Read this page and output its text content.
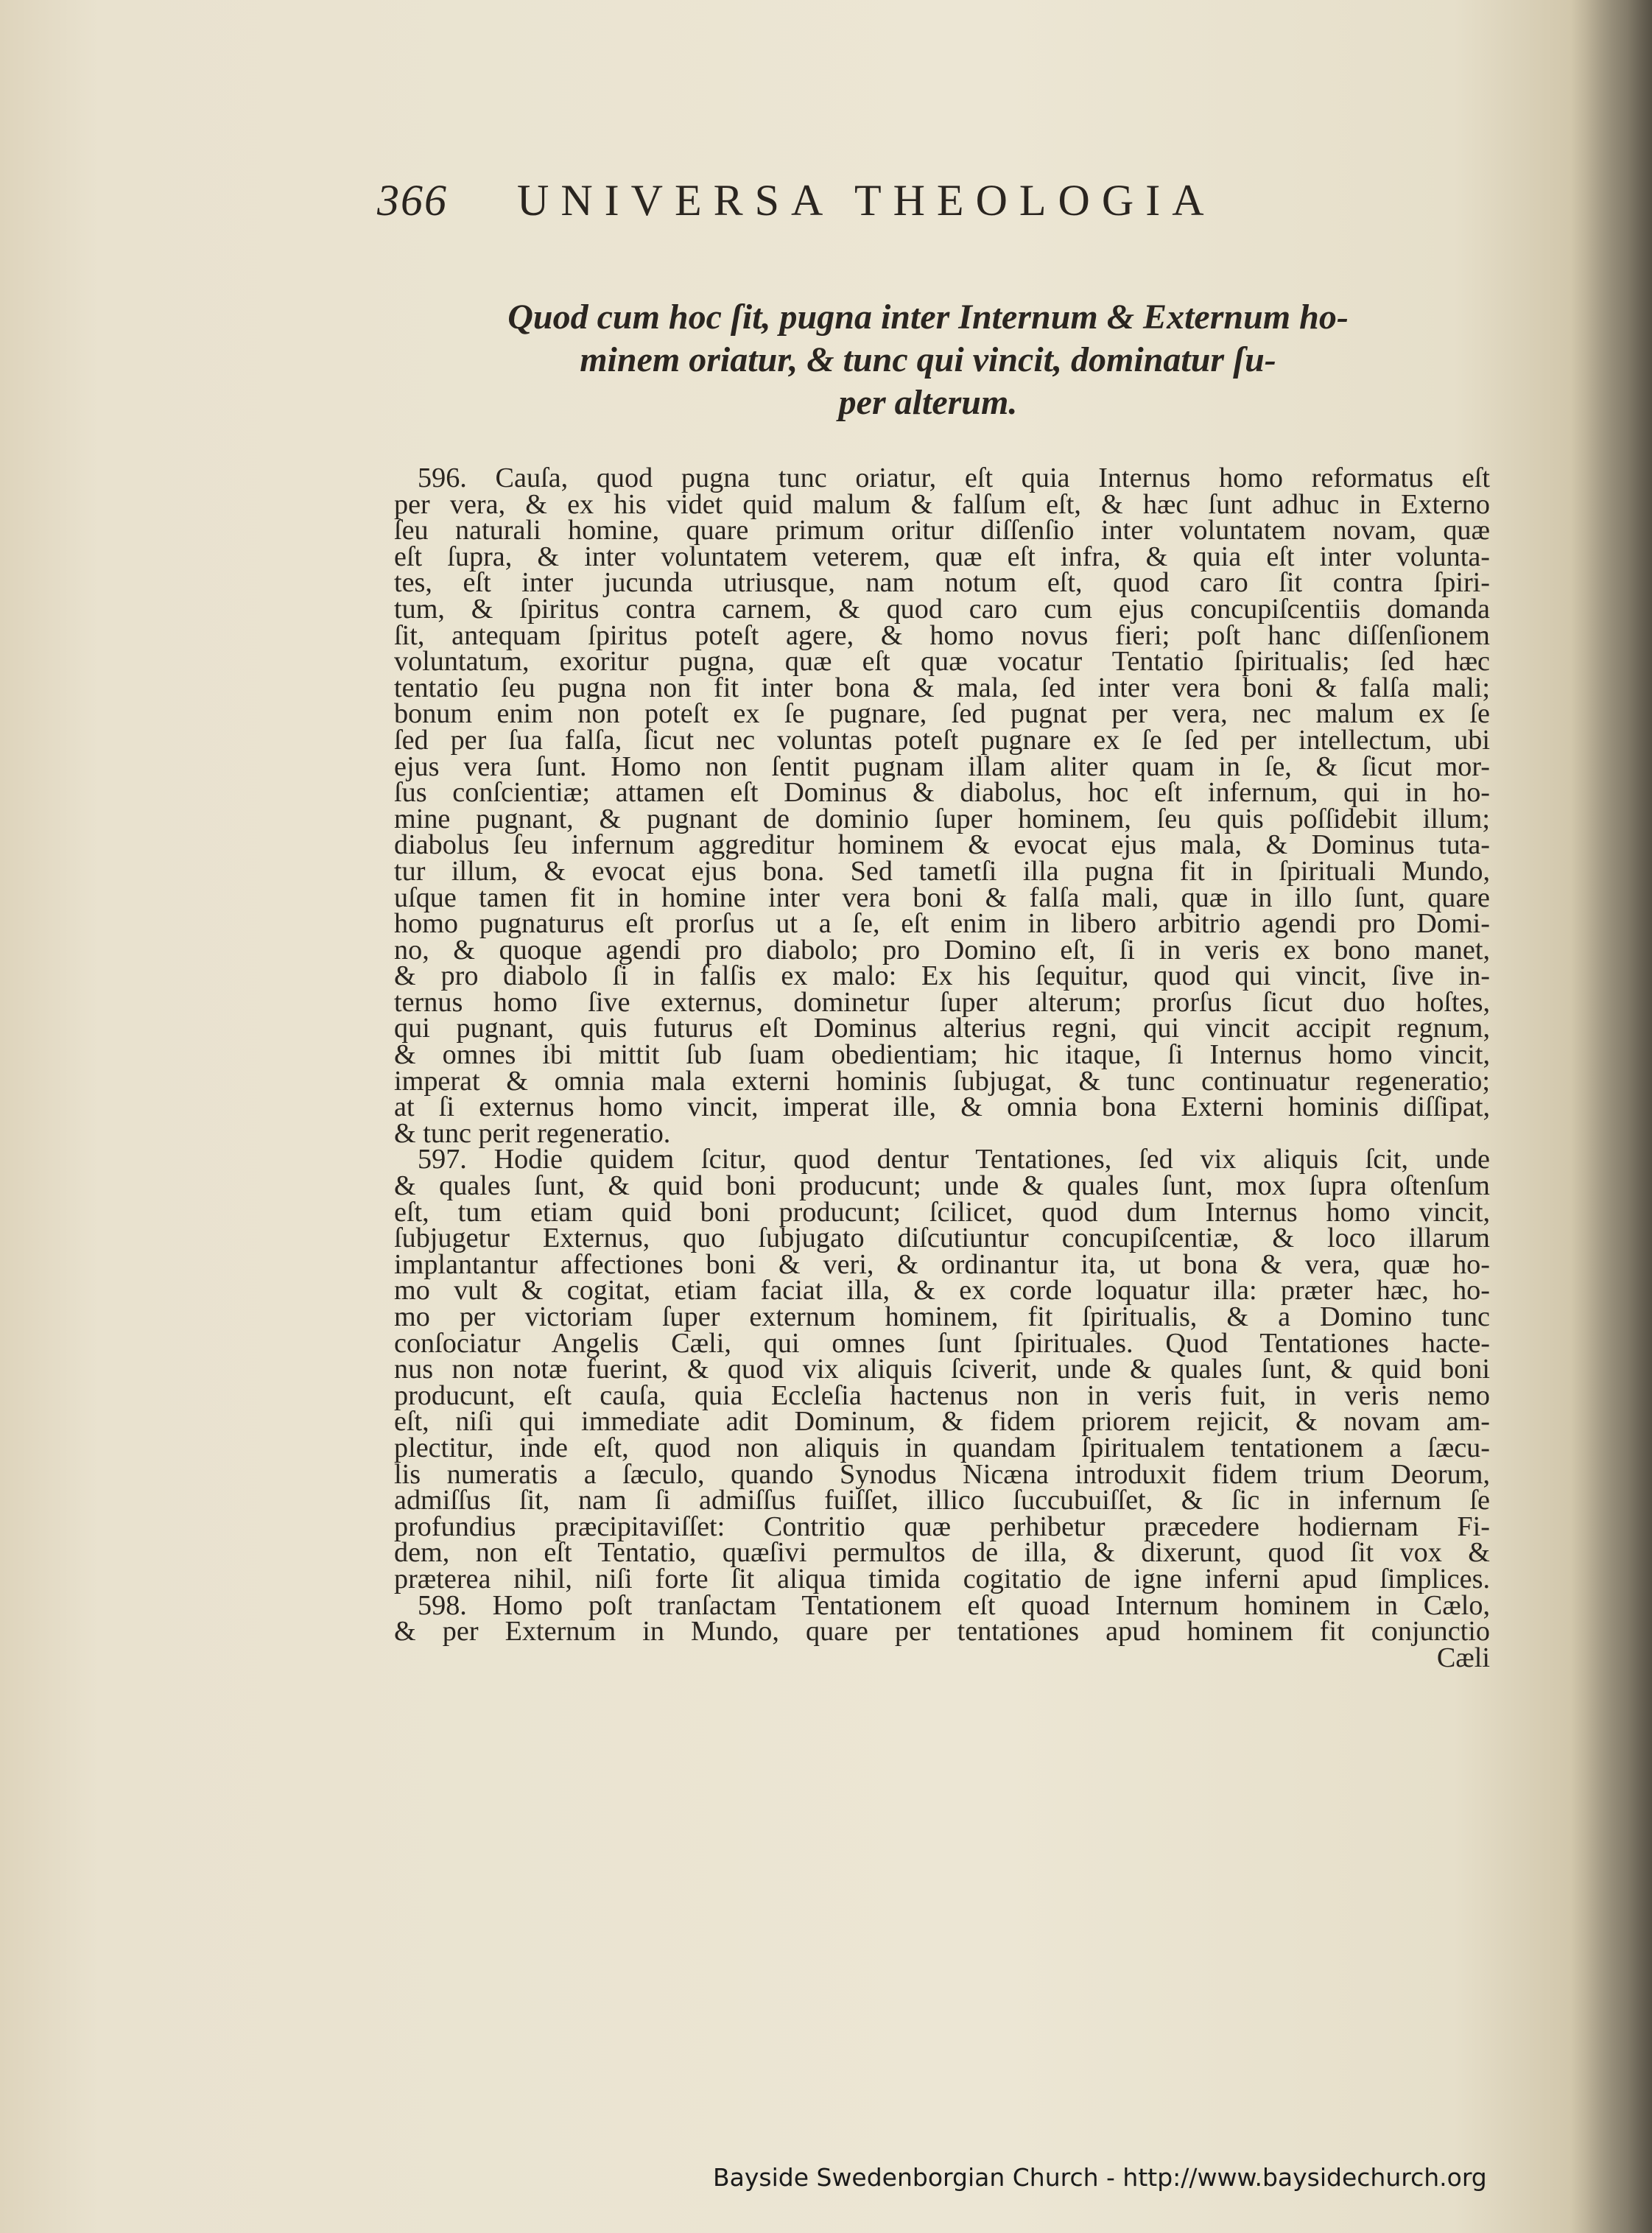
366 UNIVERSA THEOLOGIA
Quod cum hoc ſit, pugna inter Internum & Externum ho-
minem oriatur, & tunc qui vincit, dominatur ſu-
per alterum.
596. Cauſa, quod pugna tunc oriatur, eſt quia Internus homo reformatus eſt
per vera, & ex his videt quid malum & falſum eſt, & hæc ſunt adhuc in Externo
ſeu naturali homine, quare primum oritur diſſenſio inter voluntatem novam, quæ
eſt ſupra, & inter voluntatem veterem, quæ eſt infra, & quia eſt inter volunta-
tes, eſt inter jucunda utriusque, nam notum eſt, quod caro ſit contra ſpiri-
tum, & ſpiritus contra carnem, & quod caro cum ejus concupiſcentiis domanda
ſit, antequam ſpiritus poteſt agere, & homo novus fieri; poſt hanc diſſenſionem
voluntatum, exoritur pugna, quæ eſt quæ vocatur Tentatio ſpiritualis; ſed hæc
tentatio ſeu pugna non fit inter bona & mala, ſed inter vera boni & falſa mali;
bonum enim non poteſt ex ſe pugnare, ſed pugnat per vera, nec malum ex ſe
ſed per ſua falſa, ſicut nec voluntas poteſt pugnare ex ſe ſed per intellectum, ubi
ejus vera ſunt. Homo non ſentit pugnam illam aliter quam in ſe, & ſicut mor-
ſus conſcientiæ; attamen eſt Dominus & diabolus, hoc eſt infernum, qui in ho-
mine pugnant, & pugnant de dominio ſuper hominem, ſeu quis poſſidebit illum;
diabolus ſeu infernum aggreditur hominem & evocat ejus mala, & Dominus tuta-
tur illum, & evocat ejus bona. Sed tametſi illa pugna fit in ſpirituali Mundo,
uſque tamen fit in homine inter vera boni & falſa mali, quæ in illo ſunt, quare
homo pugnaturus eſt prorſus ut a ſe, eſt enim in libero arbitrio agendi pro Domi-
no, & quoque agendi pro diabolo; pro Domino eſt, ſi in veris ex bono manet,
& pro diabolo ſi in falſis ex malo: Ex his ſequitur, quod qui vincit, ſive in-
ternus homo ſive externus, dominetur ſuper alterum; prorſus ſicut duo hoſtes,
qui pugnant, quis futurus eſt Dominus alterius regni, qui vincit accipit regnum,
& omnes ibi mittit ſub ſuam obedientiam; hic itaque, ſi Internus homo vincit,
imperat & omnia mala externi hominis ſubjugat, & tunc continuatur regeneratio;
at ſi externus homo vincit, imperat ille, & omnia bona Externi hominis diſſipat,
& tunc perit regeneratio.
597. Hodie quidem ſcitur, quod dentur Tentationes, ſed vix aliquis ſcit, unde
& quales ſunt, & quid boni producunt; unde & quales ſunt, mox ſupra oſtenſum
eſt, tum etiam quid boni producunt; ſcilicet, quod dum Internus homo vincit,
ſubjugetur Externus, quo ſubjugato diſcutiuntur concupiſcentiæ, & loco illarum
implantantur affectiones boni & veri, & ordinantur ita, ut bona & vera, quæ ho-
mo vult & cogitat, etiam faciat illa, & ex corde loquatur illa: præter hæc, ho-
mo per victoriam ſuper externum hominem, fit ſpiritualis, & a Domino tunc
conſociatur Angelis Cæli, qui omnes ſunt ſpirituales. Quod Tentationes hacte-
nus non notæ fuerint, & quod vix aliquis ſciverit, unde & quales ſunt, & quid boni
producunt, eſt cauſa, quia Eccleſia hactenus non in veris fuit, in veris nemo
eſt, niſi qui immediate adit Dominum, & fidem priorem rejicit, & novam am-
plectitur, inde eſt, quod non aliquis in quandam ſpiritualem tentationem a ſæcu-
lis numeratis a ſæculo, quando Synodus Nicæna introduxit fidem trium Deorum,
admiſſus ſit, nam ſi admiſſus fuiſſet, illico ſuccubuiſſet, & ſic in infernum ſe
profundius præcipitaviſſet: Contritio quæ perhibetur præcedere hodiernam Fi-
dem, non eſt Tentatio, quæſivi permultos de illa, & dixerunt, quod ſit vox &
præterea nihil, niſi forte ſit aliqua timida cogitatio de igne inferni apud ſimplices.
598. Homo poſt tranſactam Tentationem eſt quoad Internum hominem in Cælo,
& per Externum in Mundo, quare per tentationes apud hominem fit conjunctio
Cæli
Bayside Swedenborgian Church - http://www.baysidechurch.org
